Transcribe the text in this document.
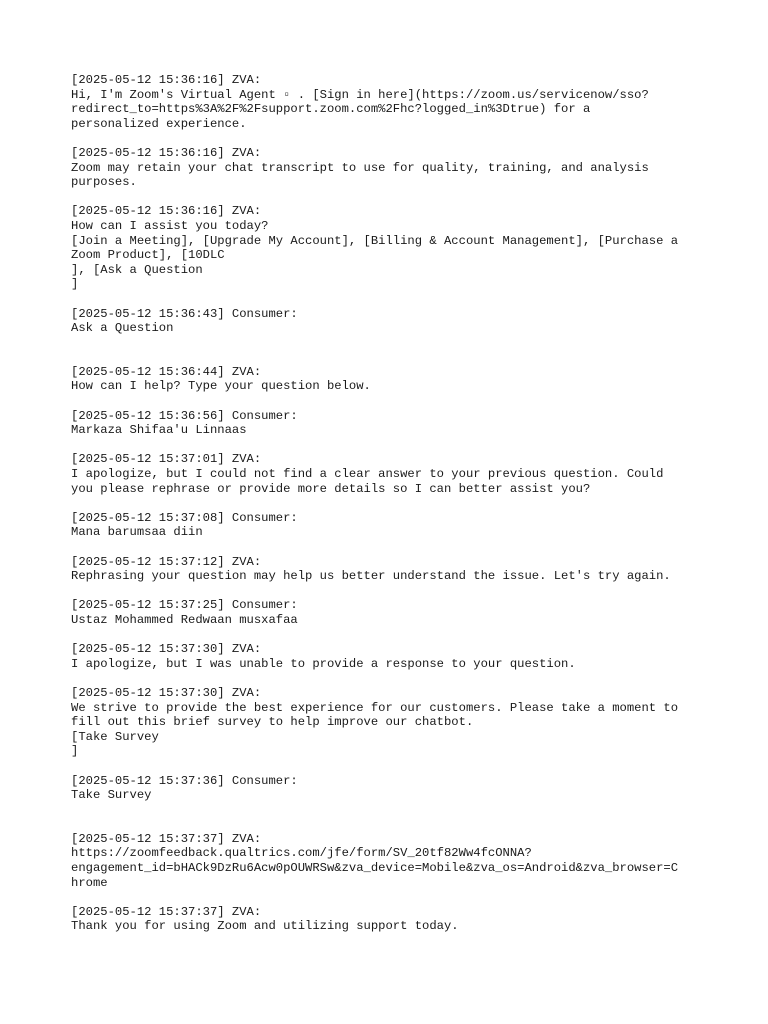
[2025-05-12 15:36:16] ZVA:
Hi, I'm Zoom's Virtual Agent ▫ . [Sign in here](https://zoom.us/servicenow/sso?
redirect_to=https%3A%2F%2Fsupport.zoom.com%2Fhc?logged_in%3Dtrue) for a
personalized experience.
[2025-05-12 15:36:16] ZVA:
Zoom may retain your chat transcript to use for quality, training, and analysis
purposes.
[2025-05-12 15:36:16] ZVA:
How can I assist you today?
[Join a Meeting], [Upgrade My Account], [Billing & Account Management], [Purchase a
Zoom Product], [10DLC
], [Ask a Question
]
[2025-05-12 15:36:43] Consumer:
Ask a Question
[2025-05-12 15:36:44] ZVA:
How can I help? Type your question below.
[2025-05-12 15:36:56] Consumer:
Markaza Shifaa'u Linnaas
[2025-05-12 15:37:01] ZVA:
I apologize, but I could not find a clear answer to your previous question. Could
you please rephrase or provide more details so I can better assist you?
[2025-05-12 15:37:08] Consumer:
Mana barumsaa diin
[2025-05-12 15:37:12] ZVA:
Rephrasing your question may help us better understand the issue. Let's try again.
[2025-05-12 15:37:25] Consumer:
Ustaz Mohammed Redwaan musxafaa
[2025-05-12 15:37:30] ZVA:
I apologize, but I was unable to provide a response to your question.
[2025-05-12 15:37:30] ZVA:
We strive to provide the best experience for our customers. Please take a moment to
fill out this brief survey to help improve our chatbot.
[Take Survey
]
[2025-05-12 15:37:36] Consumer:
Take Survey
[2025-05-12 15:37:37] ZVA:
https://zoomfeedback.qualtrics.com/jfe/form/SV_20tf82Ww4fcONNA?
engagement_id=bHACk9DzRu6Acw0pOUWRSw&zva_device=Mobile&zva_os=Android&zva_browser=C
hrome
[2025-05-12 15:37:37] ZVA:
Thank you for using Zoom and utilizing support today.
